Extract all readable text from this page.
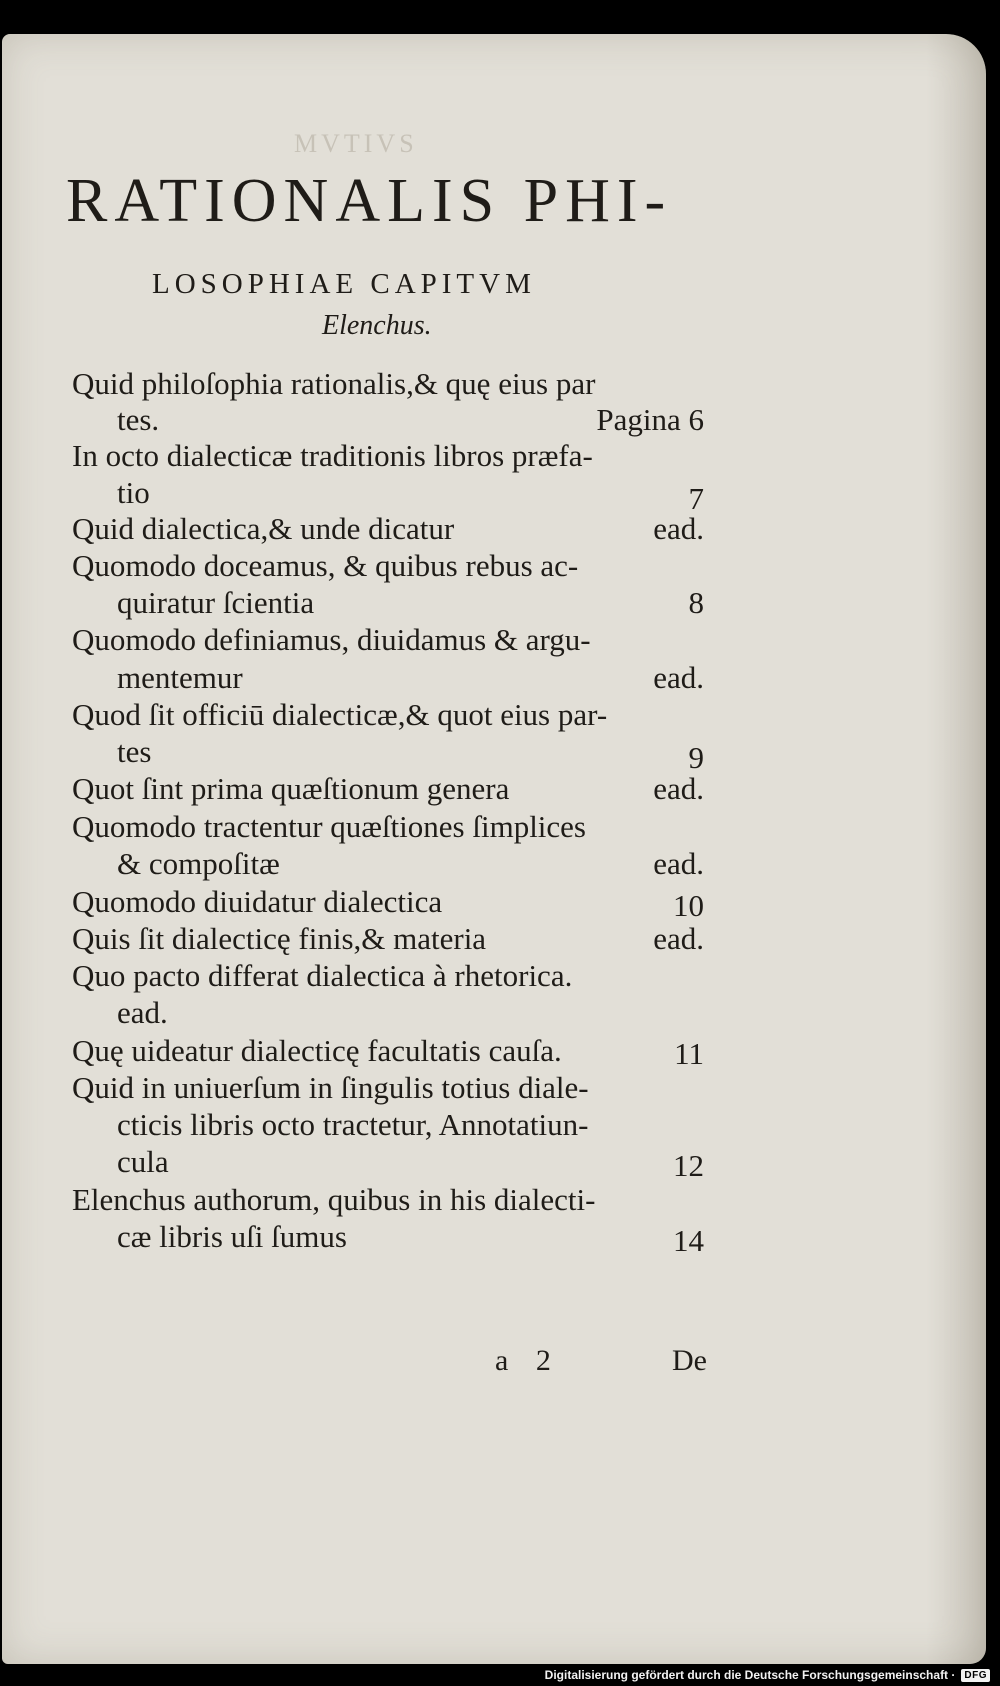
MVTIVS
RATIONALIS PHI-
LOSOPHIAE CAPITVM
Elenchus.
Quid philoſophia rationalis,& quę eius par
tes.	Pagina 6
In octo dialecticæ traditionis libros præfa-
tio	7
Quid dialectica,& unde dicatur	ead.
Quomodo doceamus, & quibus rebus ac-
quiratur ſcientia	8
Quomodo definiamus, diuidamus & argu-
mentemur	ead.
Quod ſit officiū dialecticæ,& quot eius par-
tes	9
Quot ſint prima quæſtionum genera	ead.
Quomodo tractentur quæſtiones ſimplices
& compoſitæ	ead.
Quomodo diuidatur dialectica	10
Quis ſit dialecticę finis,& materia	ead.
Quo pacto differat dialectica à rhetorica.
ead.
Quę uideatur dialecticę facultatis cauſa.	11
Quid in uniuerſum in ſingulis totius diale-
cticis libris octo tractetur, Annotatiun-
cula	12
Elenchus authorum, quibus in his dialecti-
cæ libris uſi ſumus	14
a 2	De
Digitalisierung gefördert durch die Deutsche Forschungsgemeinschaft · DFG
